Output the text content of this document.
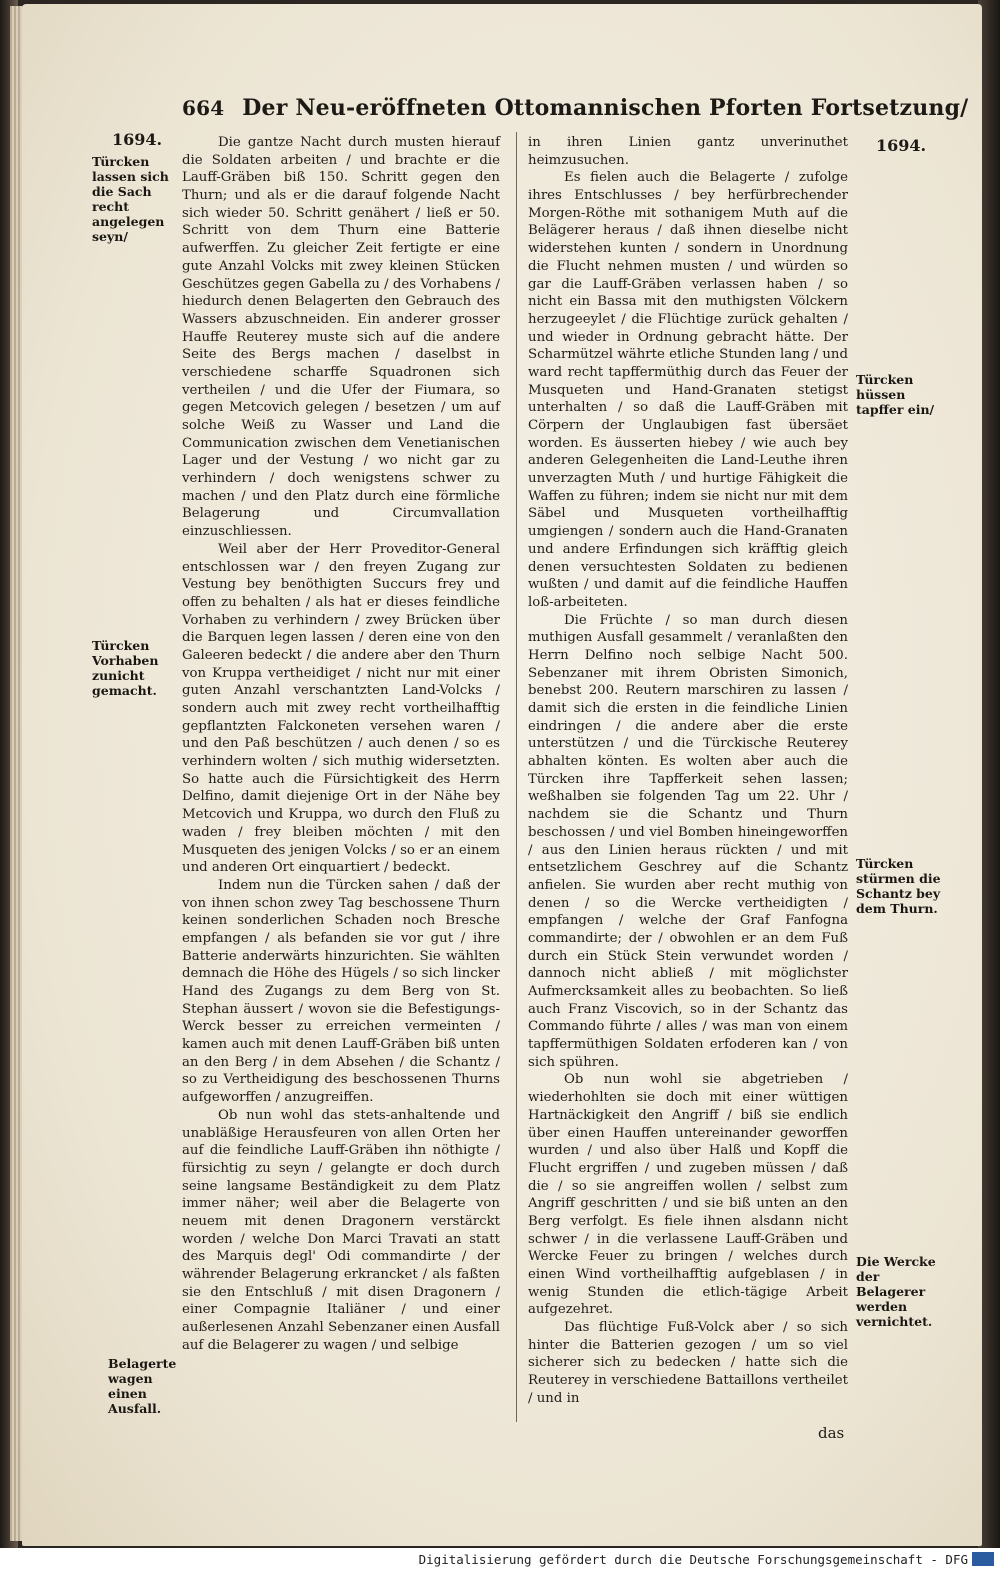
664 Der Neu-eröffneten Ottomannischen Pforten Fortsetzung/
1694.	1694.
Türcken lassen sich die Sach recht angelegen seyn/
Türcken Vorhaben zunicht gemacht.
Belagerte wagen einen Ausfall.
Türcken hüssen tapffer ein/
Türcken stürmen die Schantz bey dem Thurn.
Die Wercke der Belagerer werden vernichtet.

Die gantze Nacht durch musten hierauf die Soldaten arbeiten / und brachte er die Lauff-Gräben biß 150. Schritt gegen den Thurn; und als er die darauf folgende Nacht sich wieder 50. Schritt genähert / ließ er 50. Schritt von dem Thurn eine Batterie aufwerffen. Zu gleicher Zeit fertigte er eine gute Anzahl Volcks mit zwey kleinen Stücken Geschützes gegen Gabella zu / des Vorhabens / hiedurch denen Belagerten den Gebrauch des Wassers abzuschneiden. Ein anderer grosser Hauffe Reuterey muste sich auf die andere Seite des Bergs machen / daselbst in verschiedene scharffe Squadronen sich vertheilen / und die Ufer der Fiumara, so gegen Metcovich gelegen / besetzen / um auf solche Weiß zu Wasser und Land die Communication zwischen dem Venetianischen Lager und der Vestung / wo nicht gar zu verhindern / doch wenigstens schwer zu machen / und den Platz durch eine förmliche Belagerung und Circumvallation einzuschliessen.

Weil aber der Herr Proveditor-General entschlossen war / den freyen Zugang zur Vestung bey benöthigten Succurs frey und offen zu behalten / als hat er dieses feindliche Vorhaben zu verhindern / zwey Brücken über die Barquen legen lassen / deren eine von den Galeeren bedeckt / die andere aber den Thurn von Kruppa vertheidiget / nicht nur mit einer guten Anzahl verschantzten Land-Volcks / sondern auch mit zwey recht vortheilhafftig gepflantzten Falckoneten versehen waren / und den Paß beschützen / auch denen / so es verhindern wolten / sich muthig widersetzten. So hatte auch die Fürsichtigkeit des Herrn Delfino, damit diejenige Ort in der Nähe bey Metcovich und Kruppa, wo durch den Fluß zu waden / frey bleiben möchten / mit den Musqueten des jenigen Volcks / so er an einem und anderen Ort einquartiert / bedeckt.

Indem nun die Türcken sahen / daß der von ihnen schon zwey Tag beschossene Thurn keinen sonderlichen Schaden noch Bresche empfangen / als befanden sie vor gut / ihre Batterie anderwärts hinzurichten. Sie wählten demnach die Höhe des Hügels / so sich lincker Hand des Zugangs zu dem Berg von St. Stephan äussert / wovon sie die Befestigungs-Werck besser zu erreichen vermeinten / kamen auch mit denen Lauff-Gräben biß unten an den Berg / in dem Absehen / die Schantz / so zu Vertheidigung des beschossenen Thurns aufgeworffen / anzugreiffen.

Ob nun wohl das stets-anhaltende und unabläßige Herausfeuren von allen Orten her auf die feindliche Lauff-Gräben ihn nöthigte / fürsichtig zu seyn / gelangte er doch durch seine langsame Beständigkeit zu dem Platz immer näher; weil aber die Belagerte von neuem mit denen Dragonern verstärckt worden / welche Don Marci Travati an statt des Marquis degl' Odi commandirte / der währender Belagerung erkrancket / als faßten sie den Entschluß / mit disen Dragonern / einer Compagnie Italiäner / und einer außerlesenen Anzahl Sebenzaner einen Ausfall auf die Belagerer zu wagen / und selbige

in ihren Linien gantz unverinuthet heimzusuchen.

Es fielen auch die Belagerte / zufolge ihres Entschlusses / bey herfürbrechender Morgen-Röthe mit sothanigem Muth auf die Belägerer heraus / daß ihnen dieselbe nicht widerstehen kunten / sondern in Unordnung die Flucht nehmen musten / und würden so gar die Lauff-Gräben verlassen haben / so nicht ein Bassa mit den muthigsten Völckern herzugeeylet / die Flüchtige zurück gehalten / und wieder in Ordnung gebracht hätte. Der Scharmützel währte etliche Stunden lang / und ward recht tapffermüthig durch das Feuer der Musqueten und Hand-Granaten stetigst unterhalten / so daß die Lauff-Gräben mit Cörpern der Unglaubigen fast übersäet worden. Es äusserten hiebey / wie auch bey anderen Gelegenheiten die Land-Leuthe ihren unverzagten Muth / und hurtige Fähigkeit die Waffen zu führen; indem sie nicht nur mit dem Säbel und Musqueten vortheilhafftig umgiengen / sondern auch die Hand-Granaten und andere Erfindungen sich kräfftig gleich denen versuchtesten Soldaten zu bedienen wußten / und damit auf die feindliche Hauffen loß-arbeiteten.

Die Früchte / so man durch diesen muthigen Ausfall gesammelt / veranlaßten den Herrn Delfino noch selbige Nacht 500. Sebenzaner mit ihrem Obristen Simonich, benebst 200. Reutern marschiren zu lassen / damit sich die ersten in die feindliche Linien eindringen / die andere aber die erste unterstützen / und die Türckische Reuterey abhalten könten. Es wolten aber auch die Türcken ihre Tapfferkeit sehen lassen; weßhalben sie folgenden Tag um 22. Uhr / nachdem sie die Schantz und Thurn beschossen / und viel Bomben hineingeworffen / aus den Linien heraus rückten / und mit entsetzlichem Geschrey auf die Schantz anfielen. Sie wurden aber recht muthig von denen / so die Wercke vertheidigten / empfangen / welche der Graf Fanfogna commandirte; der / obwohlen er an dem Fuß durch ein Stück Stein verwundet worden / dannoch nicht abließ / mit möglichster Aufmercksamkeit alles zu beobachten. So ließ auch Franz Viscovich, so in der Schantz das Commando führte / alles / was man von einem tapffermüthigen Soldaten erfoderen kan / von sich spühren.

Ob nun wohl sie abgetrieben / wiederhohlten sie doch mit einer wüttigen Hartnäckigkeit den Angriff / biß sie endlich über einen Hauffen untereinander geworffen wurden / und also über Halß und Kopff die Flucht ergriffen / und zugeben müssen / daß die / so sie angreiffen wollen / selbst zum Angriff geschritten / und sie biß unten an den Berg verfolgt. Es fiele ihnen alsdann nicht schwer / in die verlassene Lauff-Gräben und Wercke Feuer zu bringen / welches durch einen Wind vortheilhafftig aufgeblasen / in wenig Stunden die etlich-tägige Arbeit aufgezehret.

Das flüchtige Fuß-Volck aber / so sich hinter die Batterien gezogen / um so viel sicherer sich zu bedecken / hatte sich die Reuterey in verschiedene Battaillons vertheilet / und in

das
Digitalisierung gefördert durch die Deutsche Forschungsgemeinschaft - DFG
